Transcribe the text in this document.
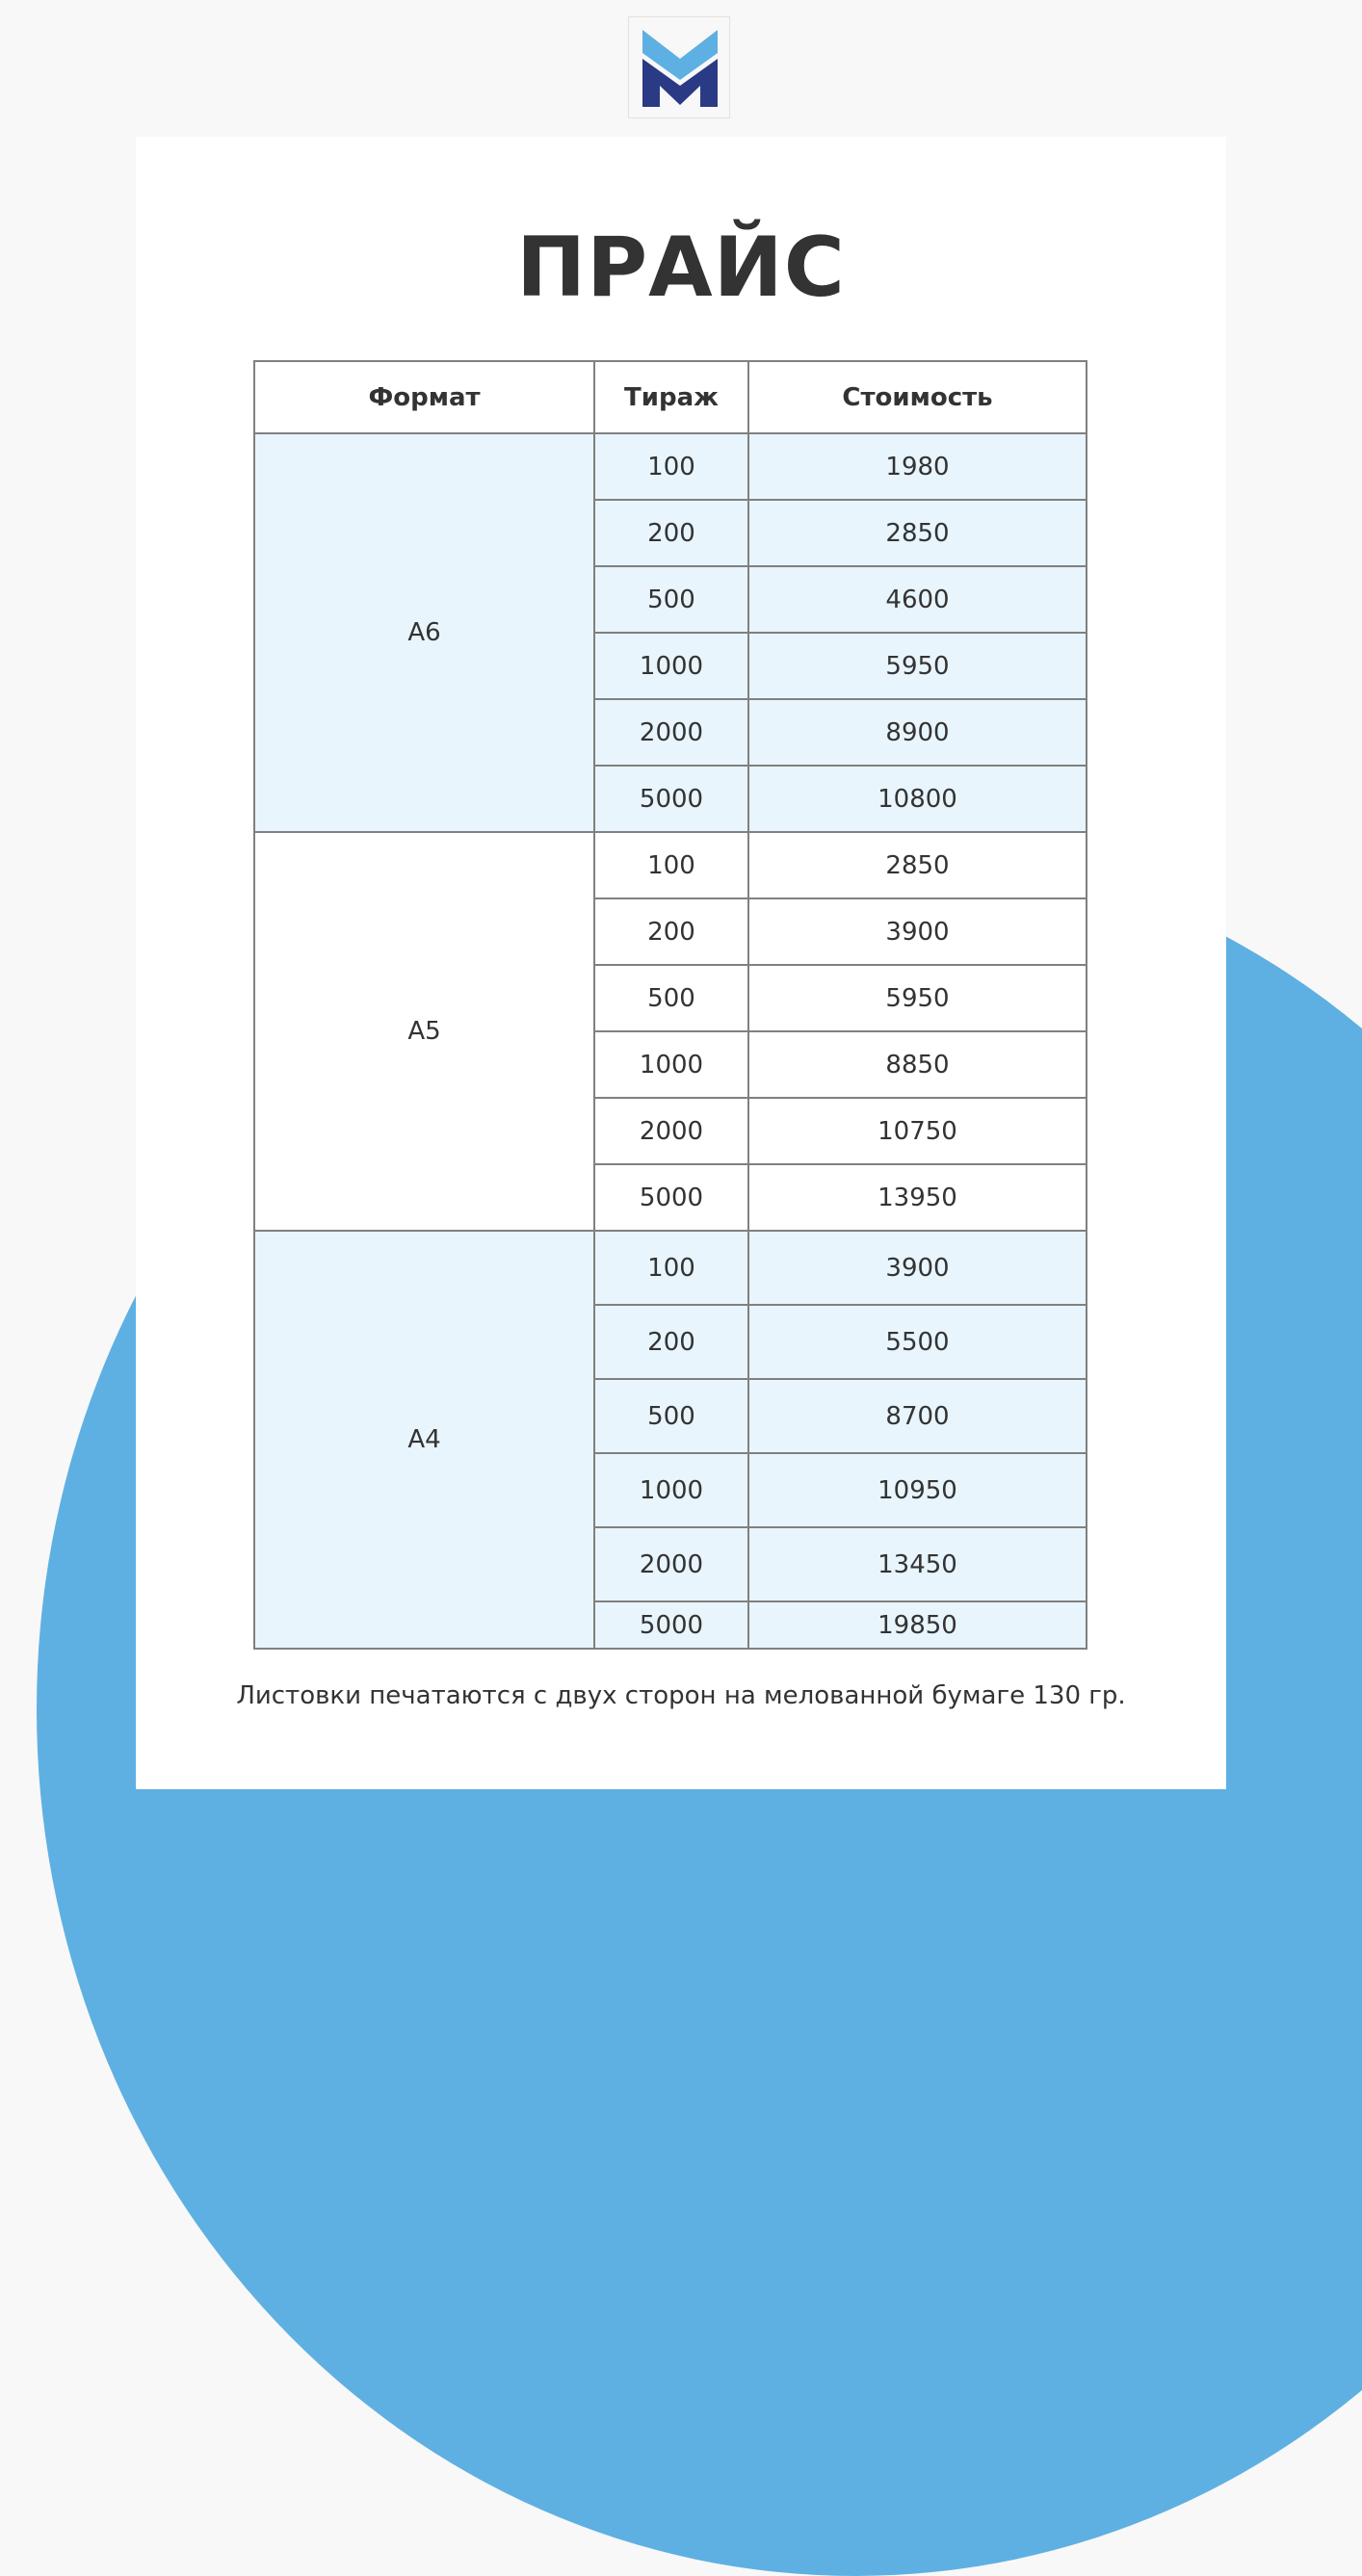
ПРАЙС
Формат	Тираж	Стоимость
А6	100	1980
	200	2850
	500	4600
	1000	5950
	2000	8900
	5000	10800
А5	100	2850
	200	3900
	500	5950
	1000	8850
	2000	10750
	5000	13950
А4	100	3900
	200	5500
	500	8700
	1000	10950
	2000	13450
	5000	19850
Листовки печатаются с двух сторон на мелованной бумаге 130 гр.
